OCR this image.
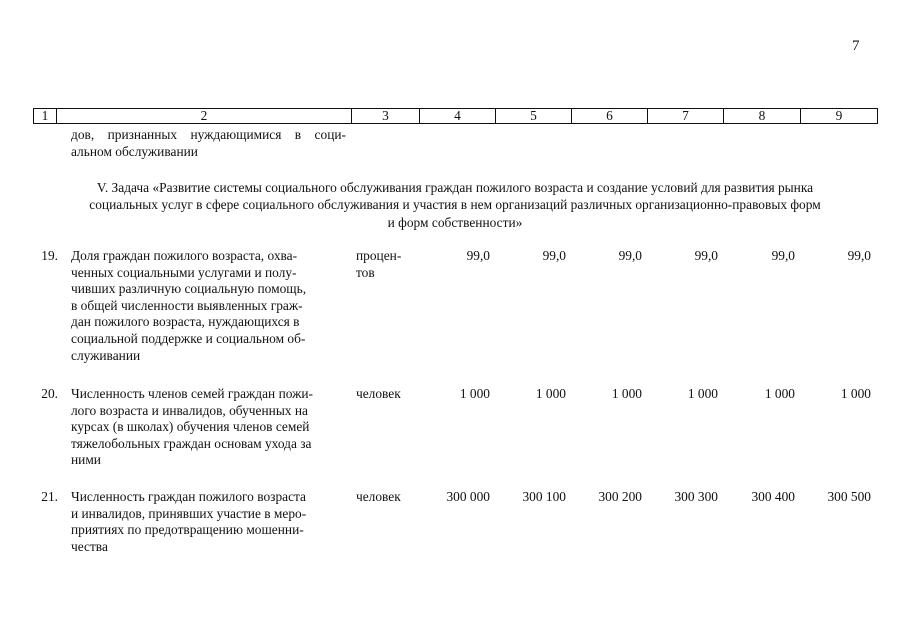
7
1	2	3	4	5	6	7	8	9
дов, признанных нуждающимися в соци-
альном обслуживании
V. Задача «Развитие системы социального обслуживания граждан пожилого возраста и создание условий для развития рынка
социальных услуг в сфере социального обслуживания и участия в нем организаций различных организационно-правовых форм
и форм собственности»
19. Доля граждан пожилого возраста, охва-
ченных социальными услугами и полу-
чивших различную социальную помощь,
в общей численности выявленных граж-
дан пожилого возраста, нуждающихся в
социальной поддержке и социальном об-
служивании
процен-
тов
99,0	99,0	99,0	99,0	99,0	99,0
20. Численность членов семей граждан пожи-
лого возраста и инвалидов, обученных на
курсах (в школах) обучения членов семей
тяжелобольных граждан основам ухода за
ними
человек	1 000	1 000	1 000	1 000	1 000	1 000
21. Численность граждан пожилого возраста
и инвалидов, принявших участие в меро-
приятиях по предотвращению мошенни-
чества
человек	300 000	300 100	300 200	300 300	300 400	300 500
